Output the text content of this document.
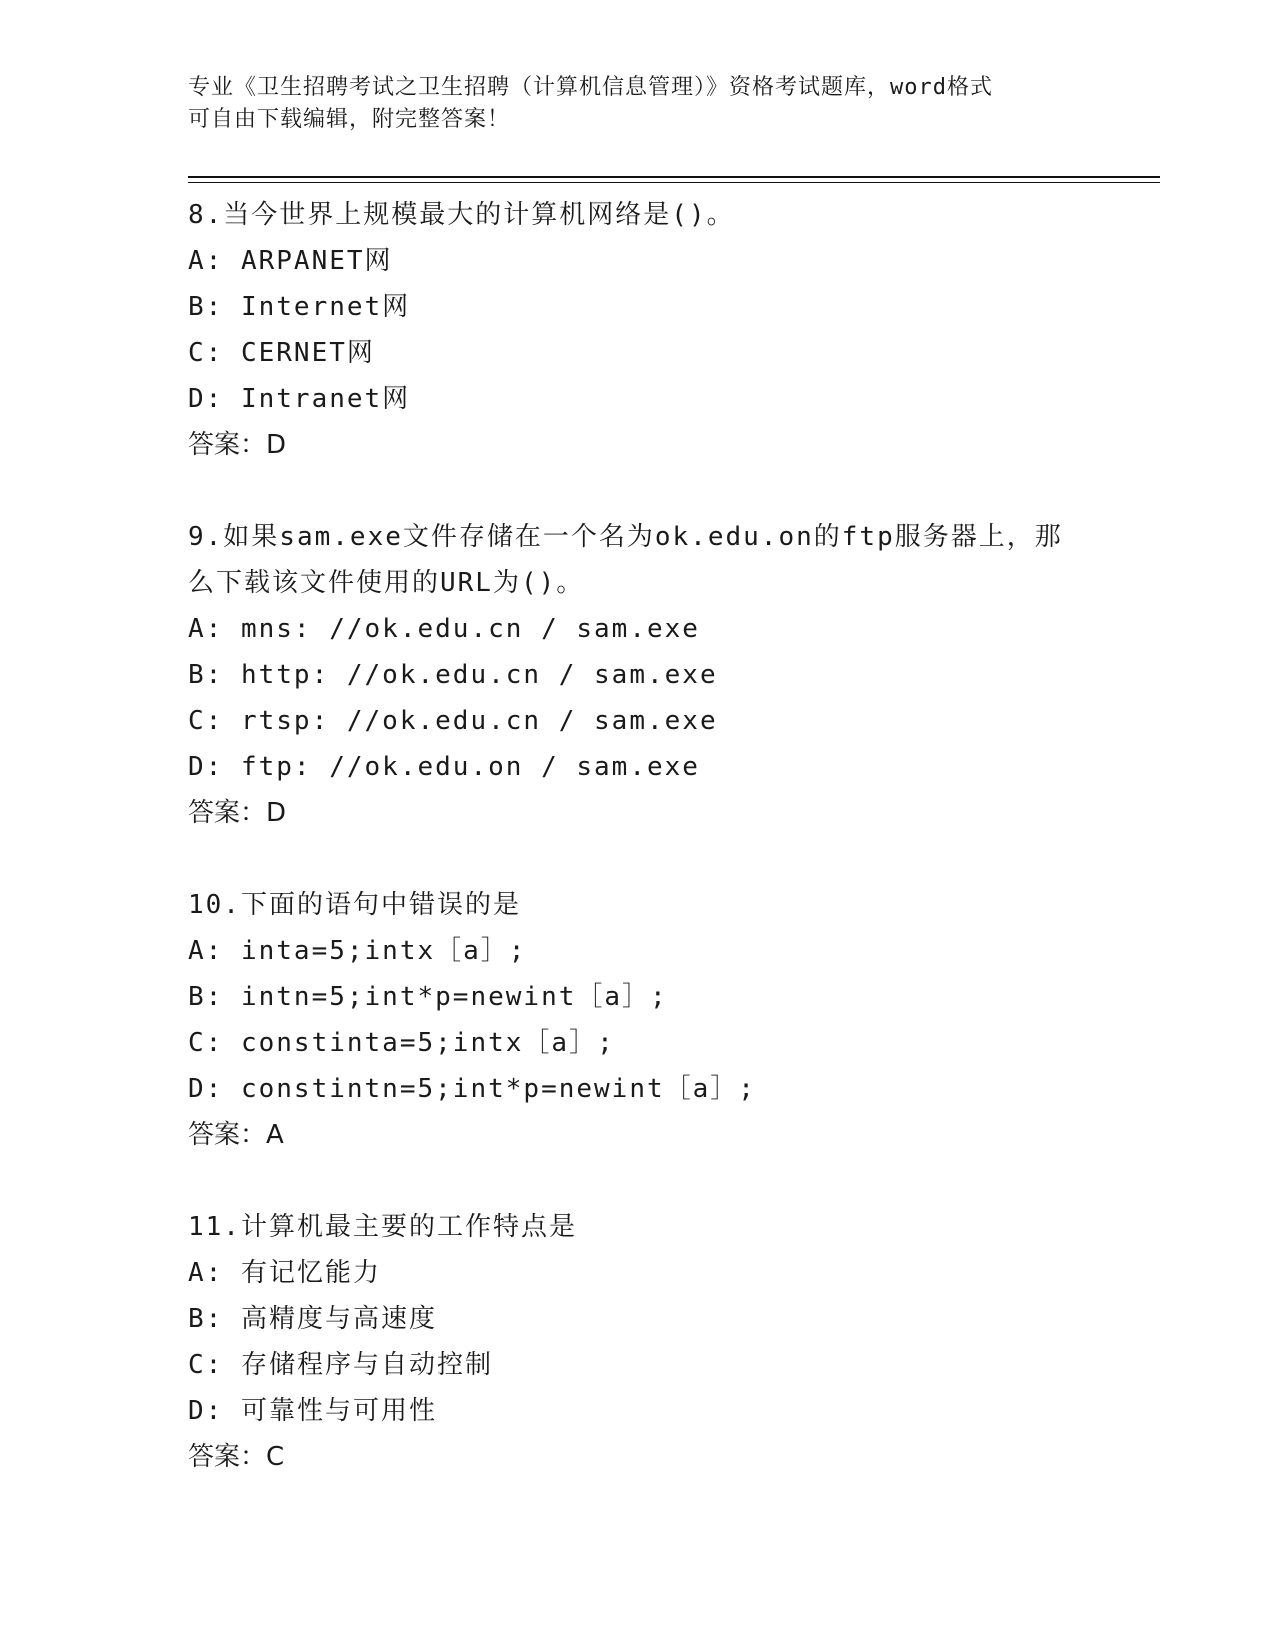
专业《卫生招聘考试之卫生招聘（计算机信息管理）》资格考试题库，word格式
可自由下载编辑，附完整答案！
8.当今世界上规模最大的计算机网络是()。
A: ARPANET网
B: Internet网
C: CERNET网
D: Intranet网
答案：D
9.如果sam.exe文件存储在一个名为ok.edu.on的ftp服务器上，那么下载该文件使用的URL为()。
A: mns: //ok.edu.cn / sam.exe
B: http: //ok.edu.cn / sam.exe
C: rtsp: //ok.edu.cn / sam.exe
D: ftp: //ok.edu.on / sam.exe
答案：D
10.下面的语句中错误的是
A: inta=5;intx［a］;
B: intn=5;int*p=newint［a］;
C: constinta=5;intx［a］;
D: constintn=5;int*p=newint［a］;
答案：A
11.计算机最主要的工作特点是
A: 有记忆能力
B: 高精度与高速度
C: 存储程序与自动控制
D: 可靠性与可用性
答案：C
